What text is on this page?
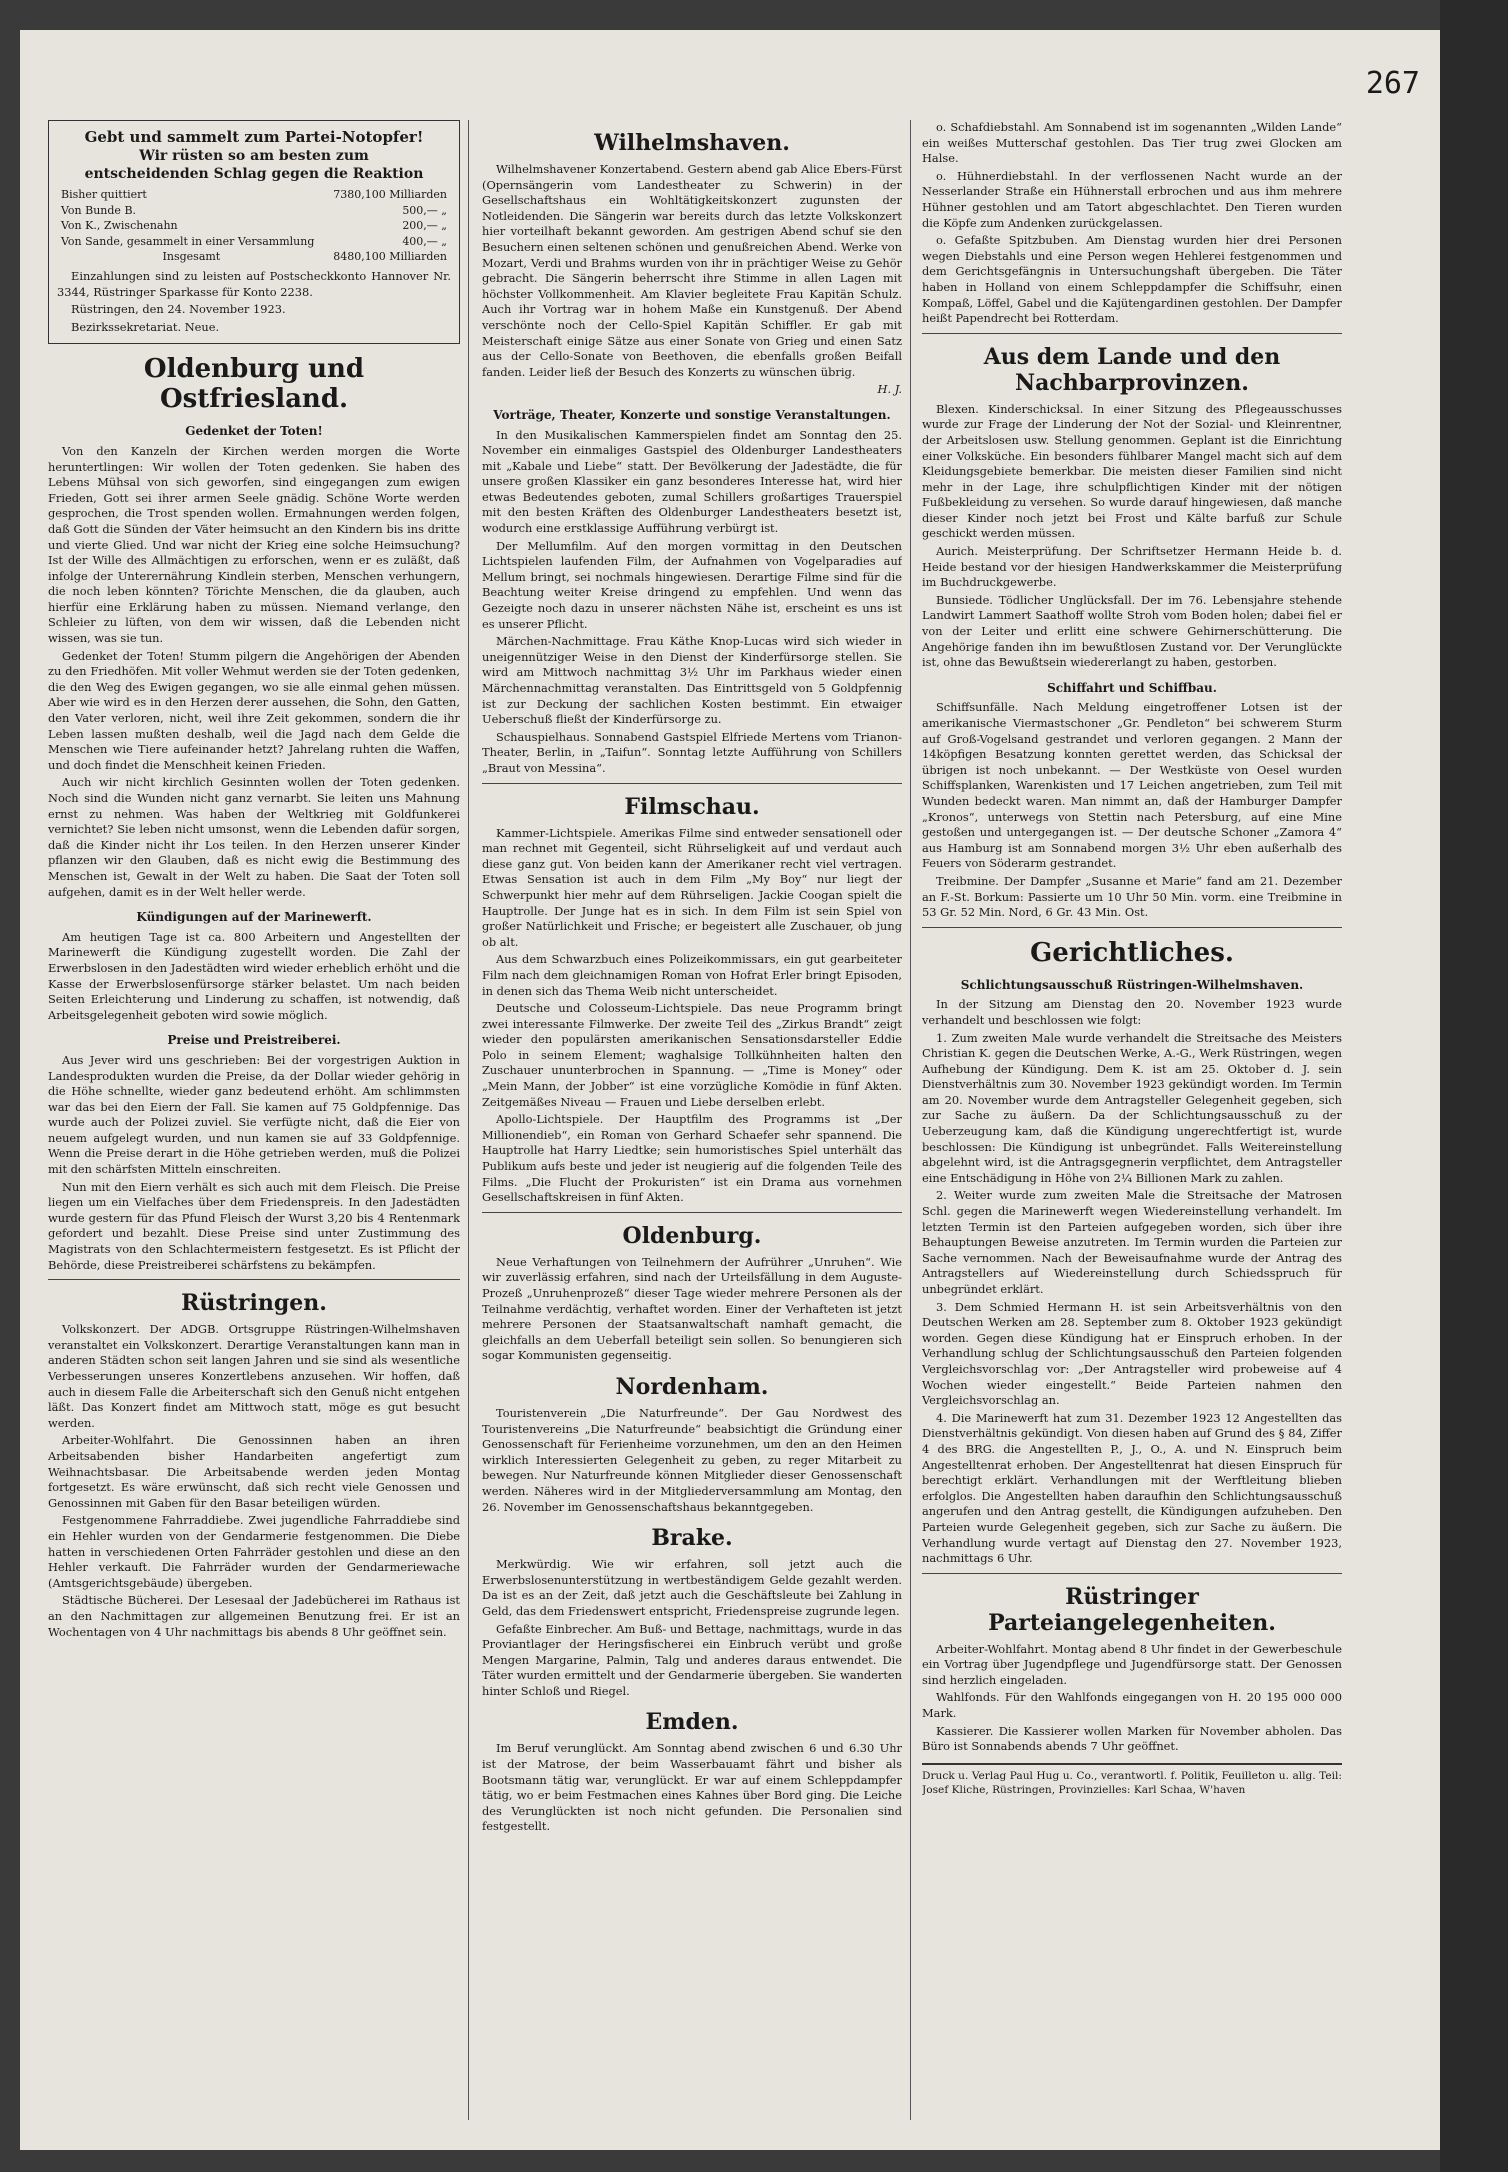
267
Gebt und sammelt zum Partei-Notopfer!
Wir rüsten so am besten zum
entscheidenden Schlag gegen die Reaktion
Bisher quittiert	7380,100 Milliarden
Von Bunde B.	500,— „
Von K., Zwischenahn	200,— „
Von Sande, gesammelt in einer Versammlung	400,— „
Insgesamt	8480,100 Milliarden

Einzahlungen sind zu leisten auf Postscheckkonto Hannover Nr. 3344, Rüstringer Sparkasse für Konto 2238.

Rüstringen, den 24. November 1923.

Bezirkssekretariat. Neue.

Oldenburg und Ostfriesland.
Gedenket der Toten!

Von den Kanzeln der Kirchen werden morgen die Worte heruntertlingen: Wir wollen der Toten gedenken. Sie haben des Lebens Mühsal von sich geworfen, sind eingegangen zum ewigen Frieden, Gott sei ihrer armen Seele gnädig. Schöne Worte werden gesprochen, die Trost spenden wollen. Ermahnungen werden folgen, daß Gott die Sünden der Väter heimsucht an den Kindern bis ins dritte und vierte Glied. Und war nicht der Krieg eine solche Heimsuchung? Ist der Wille des Allmächtigen zu erforschen, wenn er es zuläßt, daß infolge der Unterernährung Kindlein sterben, Menschen verhungern, die noch leben könnten? Törichte Menschen, die da glauben, auch hierfür eine Erklärung haben zu müssen. Niemand verlange, den Schleier zu lüften, von dem wir wissen, daß die Lebenden nicht wissen, was sie tun.

Gedenket der Toten! Stumm pilgern die Angehörigen der Abenden zu den Friedhöfen. Mit voller Wehmut werden sie der Toten gedenken, die den Weg des Ewigen gegangen, wo sie alle einmal gehen müssen. Aber wie wird es in den Herzen derer aussehen, die Sohn, den Gatten, den Vater verloren, nicht, weil ihre Zeit gekommen, sondern die ihr Leben lassen mußten deshalb, weil die Jagd nach dem Gelde die Menschen wie Tiere aufeinander hetzt? Jahrelang ruhten die Waffen, und doch findet die Menschheit keinen Frieden.

Auch wir nicht kirchlich Gesinnten wollen der Toten gedenken. Noch sind die Wunden nicht ganz vernarbt. Sie leiten uns Mahnung ernst zu nehmen. Was haben der Weltkrieg mit Goldfunkerei vernichtet? Sie leben nicht umsonst, wenn die Lebenden dafür sorgen, daß die Kinder nicht ihr Los teilen. In den Herzen unserer Kinder pflanzen wir den Glauben, daß es nicht ewig die Bestimmung des Menschen ist, Gewalt in der Welt zu haben. Die Saat der Toten soll aufgehen, damit es in der Welt heller werde.

Kündigungen auf der Marinewerft.

Am heutigen Tage ist ca. 800 Arbeitern und Angestellten der Marinewerft die Kündigung zugestellt worden. Die Zahl der Erwerbslosen in den Jadestädten wird wieder erheblich erhöht und die Kasse der Erwerbslosenfürsorge stärker belastet. Um nach beiden Seiten Erleichterung und Linderung zu schaffen, ist notwendig, daß Arbeitsgelegenheit geboten wird sowie möglich.

Preise und Preistreiberei.

Aus Jever wird uns geschrieben: Bei der vorgestrigen Auktion in Landesprodukten wurden die Preise, da der Dollar wieder gehörig in die Höhe schnellte, wieder ganz bedeutend erhöht. Am schlimmsten war das bei den Eiern der Fall. Sie kamen auf 75 Goldpfennige. Das wurde auch der Polizei zuviel. Sie verfügte nicht, daß die Eier von neuem aufgelegt wurden, und nun kamen sie auf 33 Goldpfennige. Wenn die Preise derart in die Höhe getrieben werden, muß die Polizei mit den schärfsten Mitteln einschreiten.

Nun mit den Eiern verhält es sich auch mit dem Fleisch. Die Preise liegen um ein Vielfaches über dem Friedenspreis. In den Jadestädten wurde gestern für das Pfund Fleisch der Wurst 3,20 bis 4 Rentenmark gefordert und bezahlt. Diese Preise sind unter Zustimmung des Magistrats von den Schlachtermeistern festgesetzt. Es ist Pflicht der Behörde, diese Preistreiberei schärfstens zu bekämpfen.

Rüstringen.

Volkskonzert. Der ADGB. Ortsgruppe Rüstringen-Wilhelmshaven veranstaltet ein Volkskonzert. Derartige Veranstaltungen kann man in anderen Städten schon seit langen Jahren und sie sind als wesentliche Verbesserungen unseres Konzertlebens anzusehen. Wir hoffen, daß auch in diesem Falle die Arbeiterschaft sich den Genuß nicht entgehen läßt. Das Konzert findet am Mittwoch statt, möge es gut besucht werden.

Arbeiter-Wohlfahrt. Die Genossinnen haben an ihren Arbeitsabenden bisher Handarbeiten angefertigt zum Weihnachtsbasar. Die Arbeitsabende werden jeden Montag fortgesetzt. Es wäre erwünscht, daß sich recht viele Genossen und Genossinnen mit Gaben für den Basar beteiligen würden.

Festgenommene Fahrraddiebe. Zwei jugendliche Fahrraddiebe sind ein Hehler wurden von der Gendarmerie festgenommen. Die Diebe hatten in verschiedenen Orten Fahrräder gestohlen und diese an den Hehler verkauft. Die Fahrräder wurden der Gendarmeriewache (Amtsgerichtsgebäude) übergeben.

Städtische Bücherei. Der Lesesaal der Jadebücherei im Rathaus ist an den Nachmittagen zur allgemeinen Benutzung frei. Er ist an Wochentagen von 4 Uhr nachmittags bis abends 8 Uhr geöffnet sein.

Wilhelmshaven.

Wilhelmshavener Konzertabend. Gestern abend gab Alice Ebers-Fürst (Opernsängerin vom Landestheater zu Schwerin) in der Gesellschaftshaus ein Wohltätigkeitskonzert zugunsten der Notleidenden. Die Sängerin war bereits durch das letzte Volkskonzert hier vorteilhaft bekannt geworden. Am gestrigen Abend schuf sie den Besuchern einen seltenen schönen und genußreichen Abend. Werke von Mozart, Verdi und Brahms wurden von ihr in prächtiger Weise zu Gehör gebracht. Die Sängerin beherrscht ihre Stimme in allen Lagen mit höchster Vollkommenheit. Am Klavier begleitete Frau Kapitän Schulz. Auch ihr Vortrag war in hohem Maße ein Kunstgenuß. Der Abend verschönte noch der Cello-Spiel Kapitän Schiffler. Er gab mit Meisterschaft einige Sätze aus einer Sonate von Grieg und einen Satz aus der Cello-Sonate von Beethoven, die ebenfalls großen Beifall fanden. Leider ließ der Besuch des Konzerts zu wünschen übrig.

H. J.
Vorträge, Theater, Konzerte und sonstige Veranstaltungen.

In den Musikalischen Kammerspielen findet am Sonntag den 25. November ein einmaliges Gastspiel des Oldenburger Landestheaters mit „Kabale und Liebe“ statt. Der Bevölkerung der Jadestädte, die für unsere großen Klassiker ein ganz besonderes Interesse hat, wird hier etwas Bedeutendes geboten, zumal Schillers großartiges Trauerspiel mit den besten Kräften des Oldenburger Landestheaters besetzt ist, wodurch eine erstklassige Aufführung verbürgt ist.

Der Mellumfilm. Auf den morgen vormittag in den Deutschen Lichtspielen laufenden Film, der Aufnahmen von Vogelparadies auf Mellum bringt, sei nochmals hingewiesen. Derartige Filme sind für die Beachtung weiter Kreise dringend zu empfehlen. Und wenn das Gezeigte noch dazu in unserer nächsten Nähe ist, erscheint es uns ist es unserer Pflicht.

Märchen-Nachmittage. Frau Käthe Knop-Lucas wird sich wieder in uneigennütziger Weise in den Dienst der Kinderfürsorge stellen. Sie wird am Mittwoch nachmittag 3½ Uhr im Parkhaus wieder einen Märchennachmittag veranstalten. Das Eintrittsgeld von 5 Goldpfennig ist zur Deckung der sachlichen Kosten bestimmt. Ein etwaiger Ueberschuß fließt der Kinderfürsorge zu.

Schauspielhaus. Sonnabend Gastspiel Elfriede Mertens vom Trianon-Theater, Berlin, in „Taifun“. Sonntag letzte Aufführung von Schillers „Braut von Messina“.

Filmschau.

Kammer-Lichtspiele. Amerikas Filme sind entweder sensationell oder man rechnet mit Gegenteil, sicht Rührseligkeit auf und verdaut auch diese ganz gut. Von beiden kann der Amerikaner recht viel vertragen. Etwas Sensation ist auch in dem Film „My Boy“ nur liegt der Schwerpunkt hier mehr auf dem Rührseligen. Jackie Coogan spielt die Hauptrolle. Der Junge hat es in sich. In dem Film ist sein Spiel von großer Natürlichkeit und Frische; er begeistert alle Zuschauer, ob jung ob alt.

Aus dem Schwarzbuch eines Polizeikommissars, ein gut gearbeiteter Film nach dem gleichnamigen Roman von Hofrat Erler bringt Episoden, in denen sich das Thema Weib nicht unterscheidet.

Deutsche und Colosseum-Lichtspiele. Das neue Programm bringt zwei interessante Filmwerke. Der zweite Teil des „Zirkus Brandt“ zeigt wieder den populärsten amerikanischen Sensationsdarsteller Eddie Polo in seinem Element; waghalsige Tollkühnheiten halten den Zuschauer ununterbrochen in Spannung. — „Time is Money“ oder „Mein Mann, der Jobber“ ist eine vorzügliche Komödie in fünf Akten. Zeitgemäßes Niveau — Frauen und Liebe derselben erlebt.

Apollo-Lichtspiele. Der Hauptfilm des Programms ist „Der Millionendieb“, ein Roman von Gerhard Schaefer sehr spannend. Die Hauptrolle hat Harry Liedtke; sein humoristisches Spiel unterhält das Publikum aufs beste und jeder ist neugierig auf die folgenden Teile des Films. „Die Flucht der Prokuristen“ ist ein Drama aus vornehmen Gesellschaftskreisen in fünf Akten.

Oldenburg.

Neue Verhaftungen von Teilnehmern der Aufrührer „Unruhen“. Wie wir zuverlässig erfahren, sind nach der Urteilsfällung in dem Auguste-Prozeß „Unruhenprozeß“ dieser Tage wieder mehrere Personen als der Teilnahme verdächtig, verhaftet worden. Einer der Verhafteten ist jetzt mehrere Personen der Staatsanwaltschaft namhaft gemacht, die gleichfalls an dem Ueberfall beteiligt sein sollen. So benungieren sich sogar Kommunisten gegenseitig.

Nordenham.

Touristenverein „Die Naturfreunde“. Der Gau Nordwest des Touristenvereins „Die Naturfreunde“ beabsichtigt die Gründung einer Genossenschaft für Ferienheime vorzunehmen, um den an den Heimen wirklich Interessierten Gelegenheit zu geben, zu reger Mitarbeit zu bewegen. Nur Naturfreunde können Mitglieder dieser Genossenschaft werden. Näheres wird in der Mitgliederversammlung am Montag, den 26. November im Genossenschaftshaus bekanntgegeben.

Brake.

Merkwürdig. Wie wir erfahren, soll jetzt auch die Erwerbslosenunterstützung in wertbeständigem Gelde gezahlt werden. Da ist es an der Zeit, daß jetzt auch die Geschäftsleute bei Zahlung in Geld, das dem Friedenswert entspricht, Friedenspreise zugrunde legen.

Gefaßte Einbrecher. Am Buß- und Bettage, nachmittags, wurde in das Proviantlager der Heringsfischerei ein Einbruch verübt und große Mengen Margarine, Palmin, Talg und anderes daraus entwendet. Die Täter wurden ermittelt und der Gendarmerie übergeben. Sie wanderten hinter Schloß und Riegel.

Emden.

Im Beruf verunglückt. Am Sonntag abend zwischen 6 und 6.30 Uhr ist der Matrose, der beim Wasserbauamt fährt und bisher als Bootsmann tätig war, verunglückt. Er war auf einem Schleppdampfer tätig, wo er beim Festmachen eines Kahnes über Bord ging. Die Leiche des Verunglückten ist noch nicht gefunden. Die Personalien sind festgestellt.

o. Schafdiebstahl. Am Sonnabend ist im sogenannten „Wilden Lande“ ein weißes Mutterschaf gestohlen. Das Tier trug zwei Glocken am Halse.

o. Hühnerdiebstahl. In der verflossenen Nacht wurde an der Nesserlander Straße ein Hühnerstall erbrochen und aus ihm mehrere Hühner gestohlen und am Tatort abgeschlachtet. Den Tieren wurden die Köpfe zum Andenken zurückgelassen.

o. Gefaßte Spitzbuben. Am Dienstag wurden hier drei Personen wegen Diebstahls und eine Person wegen Hehlerei festgenommen und dem Gerichtsgefängnis in Untersuchungshaft übergeben. Die Täter haben in Holland von einem Schleppdampfer die Schiffsuhr, einen Kompaß, Löffel, Gabel und die Kajütengardinen gestohlen. Der Dampfer heißt Papendrecht bei Rotterdam.

Aus dem Lande und den Nachbarprovinzen.

Blexen. Kinderschicksal. In einer Sitzung des Pflegeausschusses wurde zur Frage der Linderung der Not der Sozial- und Kleinrentner, der Arbeitslosen usw. Stellung genommen. Geplant ist die Einrichtung einer Volksküche. Ein besonders fühlbarer Mangel macht sich auf dem Kleidungsgebiete bemerkbar. Die meisten dieser Familien sind nicht mehr in der Lage, ihre schulpflichtigen Kinder mit der nötigen Fußbekleidung zu versehen. So wurde darauf hingewiesen, daß manche dieser Kinder noch jetzt bei Frost und Kälte barfuß zur Schule geschickt werden müssen.

Aurich. Meisterprüfung. Der Schriftsetzer Hermann Heide b. d. Heide bestand vor der hiesigen Handwerkskammer die Meisterprüfung im Buchdruckgewerbe.

Bunsiede. Tödlicher Unglücksfall. Der im 76. Lebensjahre stehende Landwirt Lammert Saathoff wollte Stroh vom Boden holen; dabei fiel er von der Leiter und erlitt eine schwere Gehirnerschütterung. Die Angehörige fanden ihn im bewußtlosen Zustand vor. Der Verunglückte ist, ohne das Bewußtsein wiedererlangt zu haben, gestorben.

Schiffahrt und Schiffbau.

Schiffsunfälle. Nach Meldung eingetroffener Lotsen ist der amerikanische Viermastschoner „Gr. Pendleton“ bei schwerem Sturm auf Groß-Vogelsand gestrandet und verloren gegangen. 2 Mann der 14köpfigen Besatzung konnten gerettet werden, das Schicksal der übrigen ist noch unbekannt. — Der Westküste von Oesel wurden Schiffsplanken, Warenkisten und 17 Leichen angetrieben, zum Teil mit Wunden bedeckt waren. Man nimmt an, daß der Hamburger Dampfer „Kronos“, unterwegs von Stettin nach Petersburg, auf eine Mine gestoßen und untergegangen ist. — Der deutsche Schoner „Zamora 4“ aus Hamburg ist am Sonnabend morgen 3½ Uhr eben außerhalb des Feuers von Söderarm gestrandet.

Treibmine. Der Dampfer „Susanne et Marie“ fand am 21. Dezember an F.-St. Borkum: Passierte um 10 Uhr 50 Min. vorm. eine Treibmine in 53 Gr. 52 Min. Nord, 6 Gr. 43 Min. Ost.

Gerichtliches.
Schlichtungsausschuß Rüstringen-Wilhelmshaven.

In der Sitzung am Dienstag den 20. November 1923 wurde verhandelt und beschlossen wie folgt:

1. Zum zweiten Male wurde verhandelt die Streitsache des Meisters Christian K. gegen die Deutschen Werke, A.-G., Werk Rüstringen, wegen Aufhebung der Kündigung. Dem K. ist am 25. Oktober d. J. sein Dienstverhältnis zum 30. November 1923 gekündigt worden. Im Termin am 20. November wurde dem Antragsteller Gelegenheit gegeben, sich zur Sache zu äußern. Da der Schlichtungsausschuß zu der Ueberzeugung kam, daß die Kündigung ungerechtfertigt ist, wurde beschlossen: Die Kündigung ist unbegründet. Falls Weitereinstellung abgelehnt wird, ist die Antragsgegnerin verpflichtet, dem Antragsteller eine Entschädigung in Höhe von 2¼ Billionen Mark zu zahlen.

2. Weiter wurde zum zweiten Male die Streitsache der Matrosen Schl. gegen die Marinewerft wegen Wiedereinstellung verhandelt. Im letzten Termin ist den Parteien aufgegeben worden, sich über ihre Behauptungen Beweise anzutreten. Im Termin wurden die Parteien zur Sache vernommen. Nach der Beweisaufnahme wurde der Antrag des Antragstellers auf Wiedereinstellung durch Schiedsspruch für unbegründet erklärt.

3. Dem Schmied Hermann H. ist sein Arbeitsverhältnis von den Deutschen Werken am 28. September zum 8. Oktober 1923 gekündigt worden. Gegen diese Kündigung hat er Einspruch erhoben. In der Verhandlung schlug der Schlichtungsausschuß den Parteien folgenden Vergleichsvorschlag vor: „Der Antragsteller wird probeweise auf 4 Wochen wieder eingestellt.“ Beide Parteien nahmen den Vergleichsvorschlag an.

4. Die Marinewerft hat zum 31. Dezember 1923 12 Angestellten das Dienstverhältnis gekündigt. Von diesen haben auf Grund des § 84, Ziffer 4 des BRG. die Angestellten P., J., O., A. und N. Einspruch beim Angestelltenrat erhoben. Der Angestelltenrat hat diesen Einspruch für berechtigt erklärt. Verhandlungen mit der Werftleitung blieben erfolglos. Die Angestellten haben daraufhin den Schlichtungsausschuß angerufen und den Antrag gestellt, die Kündigungen aufzuheben. Den Parteien wurde Gelegenheit gegeben, sich zur Sache zu äußern. Die Verhandlung wurde vertagt auf Dienstag den 27. November 1923, nachmittags 6 Uhr.

Rüstringer Parteiangelegenheiten.

Arbeiter-Wohlfahrt. Montag abend 8 Uhr findet in der Gewerbeschule ein Vortrag über Jugendpflege und Jugendfürsorge statt. Der Genossen sind herzlich eingeladen.

Wahlfonds. Für den Wahlfonds eingegangen von H. 20 195 000 000 Mark.

Kassierer. Die Kassierer wollen Marken für November abholen. Das Büro ist Sonnabends abends 7 Uhr geöffnet.

Druck u. Verlag Paul Hug u. Co., verantwortl. f. Politik, Feuilleton u. allg. Teil: Josef Kliche, Rüstringen, Provinzielles: Karl Schaa, W'haven
